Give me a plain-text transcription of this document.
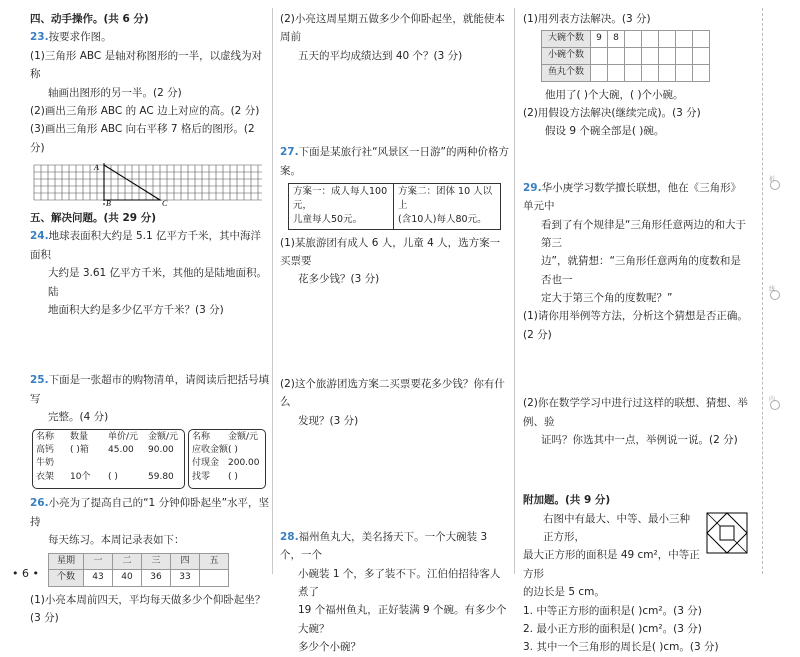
折
线
内

四、动手操作。(共 6 分)

23.按要求作图。

(1)三角形 ABC 是轴对称图形的一半，以虚线为对称

轴画出图形的另一半。(2 分)

(2)画出三角形 ABC 的 AC 边上对应的高。(2 分)

(3)画出三角形 ABC 向右平移 7 格后的图形。(2 分)

A
B	C

五、解决问题。(共 29 分)

24.地球表面积大约是 5.1 亿平方千米，其中海洋面积

大约是 3.61 亿平方千米，其他的是陆地面积。陆

地面积大约是多少亿平方千米？(3 分)

25.下面是一张超市的购物清单，请阅读后把括号填写

完整。(4 分)

名称	数量	单价/元	金额/元
高钙	( )箱	45.00	90.00
牛奶
衣架	10个	( )	59.80
名称	金额/元
应收金额 ( )
付现金 200.00
找零	( )

26.小亮为了提高自己的“1 分钟仰卧起坐”水平，坚持

每天练习。本周记录表如下：

星期	一	二	三	四	五
个数	43	40	36	33	

(1)小亮本周前四天，平均每天做多少个仰卧起坐？(3 分)

(2)小亮这周星期五做多少个仰卧起坐，就能使本周前

五天的平均成绩达到 40 个？(3 分)

27.下面是某旅行社“风景区一日游”的两种价格方案。

方案一：成人每人100元，
儿童每人50元。	方案二：团体 10 人以上
(含10人)每人80元。

(1)某旅游团有成人 6 人，儿童 4 人，选方案一买票要

花多少钱？(3 分)

(2)这个旅游团选方案二买票要花多少钱？你有什么

发现？(3 分)

28.福州鱼丸大，美名扬天下。一个大碗装 3 个，一个

小碗装 1 个，多了装不下。江伯伯招待客人煮了

19 个福州鱼丸，正好装满 9 个碗。有多少个大碗？

多少个小碗？

(1)用列表方法解决。(3 分)

大碗个数	9	8					
小碗个数							
鱼丸个数							

他用了( )个大碗，( )个小碗。

(2)用假设方法解决(继续完成)。(3 分)

假设 9 个碗全部是( )碗。

29.华小庚学习数学擅长联想，他在《三角形》单元中

看到了有个规律是“三角形任意两边的和大于第三

边”，就猜想：“三角形任意两角的度数和是否也一

定大于第三个角的度数呢？”

(1)请你用举例等方法，分析这个猜想是否正确。(2 分)

(2)你在数学学习中进行过这样的联想、猜想、举例、验

证吗？你选其中一点，举例说一说。(2 分)

附加题。(共 9 分)

右图中有最大、中等、最小三种正方形，

最大正方形的面积是 49 cm²，中等正方形

的边长是 5 cm。

1. 中等正方形的面积是( )cm²。(3 分)

2. 最小正方形的面积是( )cm²。(3 分)

3. 其中一个三角形的周长是( )cm。(3 分)

• 6 •
